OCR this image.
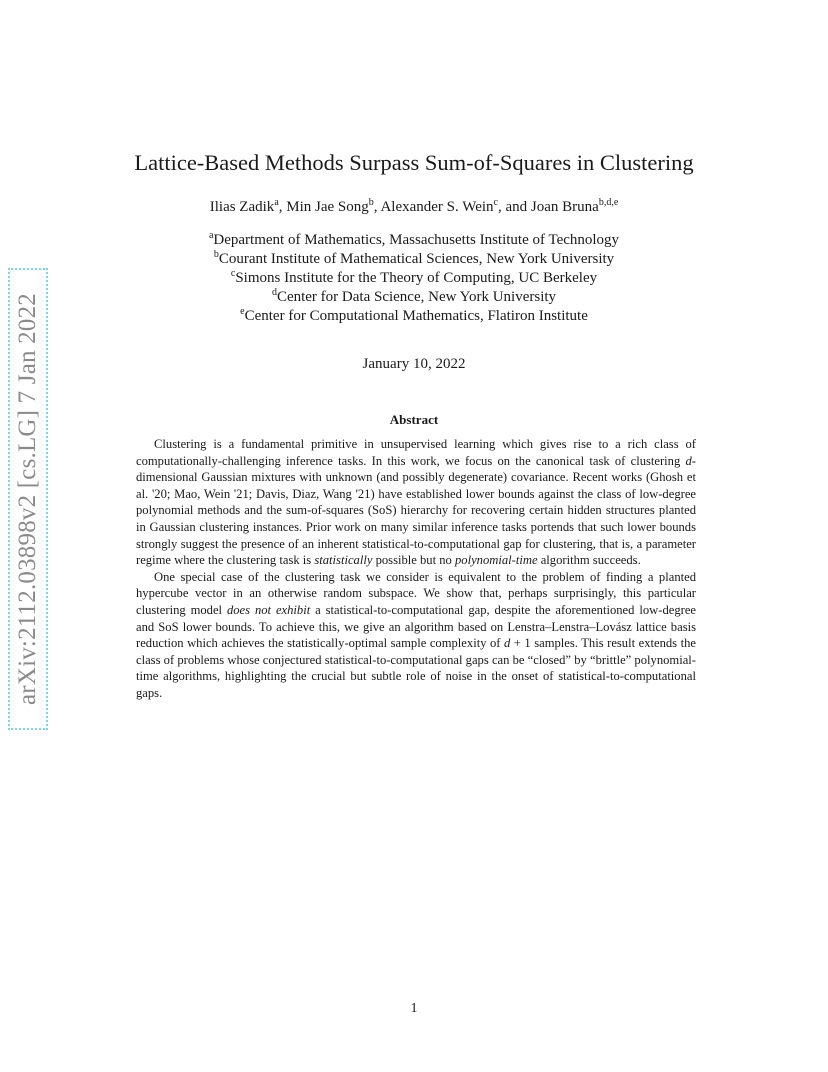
arXiv:2112.03898v2 [cs.LG] 7 Jan 2022
Lattice-Based Methods Surpass Sum-of-Squares in Clustering
Ilias Zadik$^a$, Min Jae Song$^b$, Alexander S. Wein$^c$, and Joan Bruna$^{b,d,e}$
$^a$Department of Mathematics, Massachusetts Institute of Technology
$^b$Courant Institute of Mathematical Sciences, New York University
$^c$Simons Institute for the Theory of Computing, UC Berkeley
$^d$Center for Data Science, New York University
$^e$Center for Computational Mathematics, Flatiron Institute
January 10, 2022
Abstract

Clustering is a fundamental primitive in unsupervised learning which gives rise to a rich class of computationally-challenging inference tasks. In this work, we focus on the canonical task of clustering d-dimensional Gaussian mixtures with unknown (and possibly degenerate) covariance. Recent works (Ghosh et al. '20; Mao, Wein '21; Davis, Diaz, Wang '21) have established lower bounds against the class of low-degree polynomial methods and the sum-of-squares (SoS) hierarchy for recovering certain hidden structures planted in Gaussian clustering instances. Prior work on many similar inference tasks portends that such lower bounds strongly suggest the presence of an inherent statistical-to-computational gap for clustering, that is, a parameter regime where the clustering task is statistically possible but no polynomial-time algorithm succeeds.

One special case of the clustering task we consider is equivalent to the problem of finding a planted hypercube vector in an otherwise random subspace. We show that, perhaps surprisingly, this particular clustering model does not exhibit a statistical-to-computational gap, despite the aforementioned low-degree and SoS lower bounds. To achieve this, we give an algorithm based on Lenstra–Lenstra–Lovász lattice basis reduction which achieves the statistically-optimal sample complexity of d + 1 samples. This result extends the class of problems whose conjectured statistical-to-computational gaps can be “closed” by “brittle” polynomial-time algorithms, highlighting the crucial but subtle role of noise in the onset of statistical-to-computational gaps.

1
